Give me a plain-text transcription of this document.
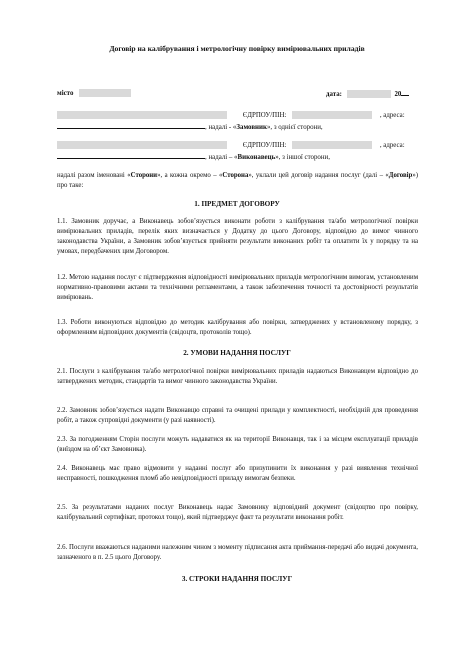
Договір на калібрування і метрологічну повірку вимірювальних приладів
місто	дата:	20
ЄДРПОУ/ПІН:	, адреса:
, надалі - «Замовник», з однієї сторони,
ЄДРПОУ/ПІН:	, адреса:
, надалі – «Виконавець», з іншої сторони,
надалі разом іменовані «Сторони», а кожна окремо – «Сторона», уклали цей договір надання послуг (далі – «Договір») про таке:
1. ПРЕДМЕТ ДОГОВОРУ
1.1. Замовник доручає, а Виконавець зобов’язується виконати роботи з калібрування та/або метрологічної повірки вимірювальних приладів, перелік яких визначається у Додатку до цього Договору, відповідно до вимог чинного законодавства України, а Замовник зобов’язується прийняти результати виконаних робіт та оплатити їх у порядку та на умовах, передбачених цим Договором.
1.2. Метою надання послуг є підтвердження відповідності вимірювальних приладів метрологічним вимогам, установленим нормативно-правовими актами та технічними регламентами, а також забезпечення точності та достовірності результатів вимірювань.
1.3. Роботи виконуються відповідно до методик калібрування або повірки, затверджених у встановленому порядку, з оформленням відповідних документів (свідоцтв, протоколів тощо).
2. УМОВИ НАДАННЯ ПОСЛУГ
2.1. Послуги з калібрування та/або метрологічної повірки вимірювальних приладів надаються Виконавцем відповідно до затверджених методик, стандартів та вимог чинного законодавства України.
2.2. Замовник зобов’язується надати Виконавцю справні та очищені прилади у комплектності, необхідній для проведення робіт, а також супровідні документи (у разі наявності).
2.3. За погодженням Сторін послуги можуть надаватися як на території Виконавця, так і за місцем експлуатації приладів (виїздом на об’єкт Замовника).
2.4. Виконавець має право відмовити у наданні послуг або призупинити їх виконання у разі виявлення технічної несправності, пошкодження пломб або невідповідності приладу вимогам безпеки.
2.5. За результатами наданих послуг Виконавець надає Замовнику відповідний документ (свідоцтво про повірку, калібрувальний сертифікат, протокол тощо), який підтверджує факт та результати виконання робіт.
2.6. Послуги вважаються наданими належним чином з моменту підписання акта приймання-передачі або видачі документа, зазначеного в п. 2.5 цього Договору.
3. СТРОКИ НАДАННЯ ПОСЛУГ
